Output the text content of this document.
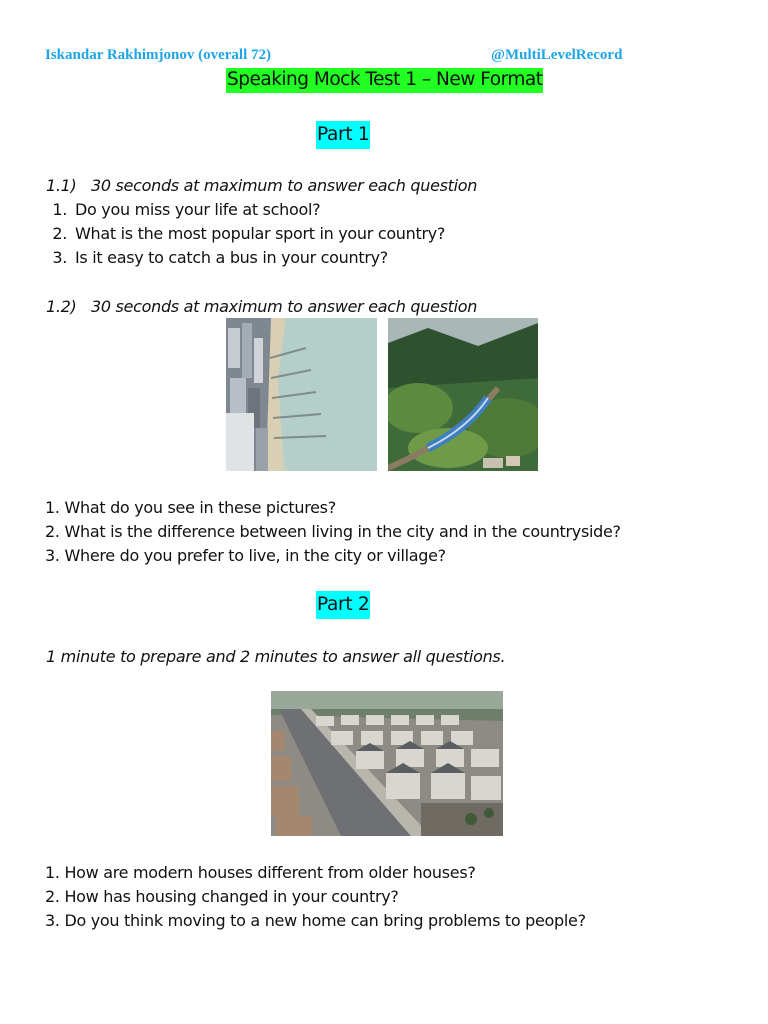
Iskandar Rakhimjonov (overall 72)	@MultiLevelRecord
Speaking Mock Test 1 – New Format
Part 1
1.1) 30 seconds at maximum to answer each question
1. Do you miss your life at school?
2. What is the most popular sport in your country?
3. Is it easy to catch a bus in your country?
1.2) 30 seconds at maximum to answer each question
1. What do you see in these pictures?
2. What is the difference between living in the city and in the countryside?
3. Where do you prefer to live, in the city or village?
Part 2
1 minute to prepare and 2 minutes to answer all questions.
1. How are modern houses different from older houses?
2. How has housing changed in your country?
3. Do you think moving to a new home can bring problems to people?
